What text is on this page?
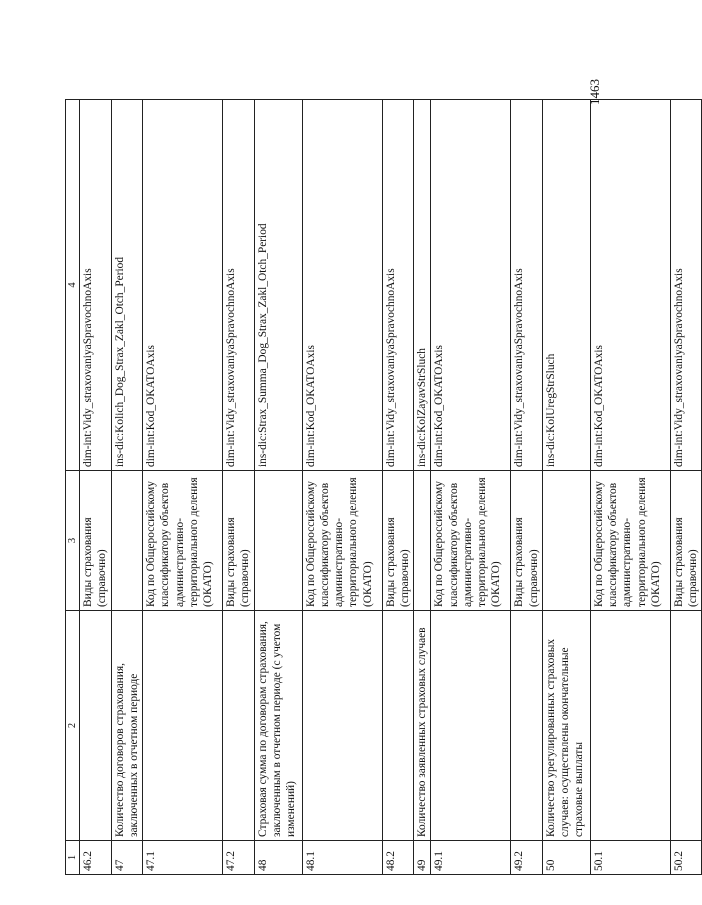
1463
1	2	3	4
46.2		Виды страхования (справочно)	dim-int:Vidy_straxovaniyaSpravochnoAxis
47	Количество договоров страхования, заключенных в отчетном периоде		ins-dic:Kolich_Dog_Strax_Zakl_Otch_Period
47.1		Код по Общероссийскому классификатору объектов административно-территориального деления (ОКАТО)	dim-int:Kod_OKATOAxis
47.2		Виды страхования (справочно)	dim-int:Vidy_straxovaniyaSpravochnoAxis
48	Страховая сумма по договорам страхования, заключенным в отчетном периоде (с учетом изменений)		ins-dic:Strax_Summa_Dog_Strax_Zakl_Otch_Period
48.1		Код по Общероссийскому классификатору объектов административно-территориального деления (ОКАТО)	dim-int:Kod_OKATOAxis
48.2		Виды страхования (справочно)	dim-int:Vidy_straxovaniyaSpravochnoAxis
49	Количество заявленных страховых случаев		ins-dic:KolZayavStrSluch
49.1		Код по Общероссийскому классификатору объектов административно-территориального деления (ОКАТО)	dim-int:Kod_OKATOAxis
49.2		Виды страхования (справочно)	dim-int:Vidy_straxovaniyaSpravochnoAxis
50	Количество урегулированных страховых случаев: осуществлены окончательные страховые выплаты		ins-dic:KolUregStrSluch
50.1		Код по Общероссийскому классификатору объектов административно-территориального деления (ОКАТО)	dim-int:Kod_OKATOAxis
50.2		Виды страхования (справочно)	dim-int:Vidy_straxovaniyaSpravochnoAxis
